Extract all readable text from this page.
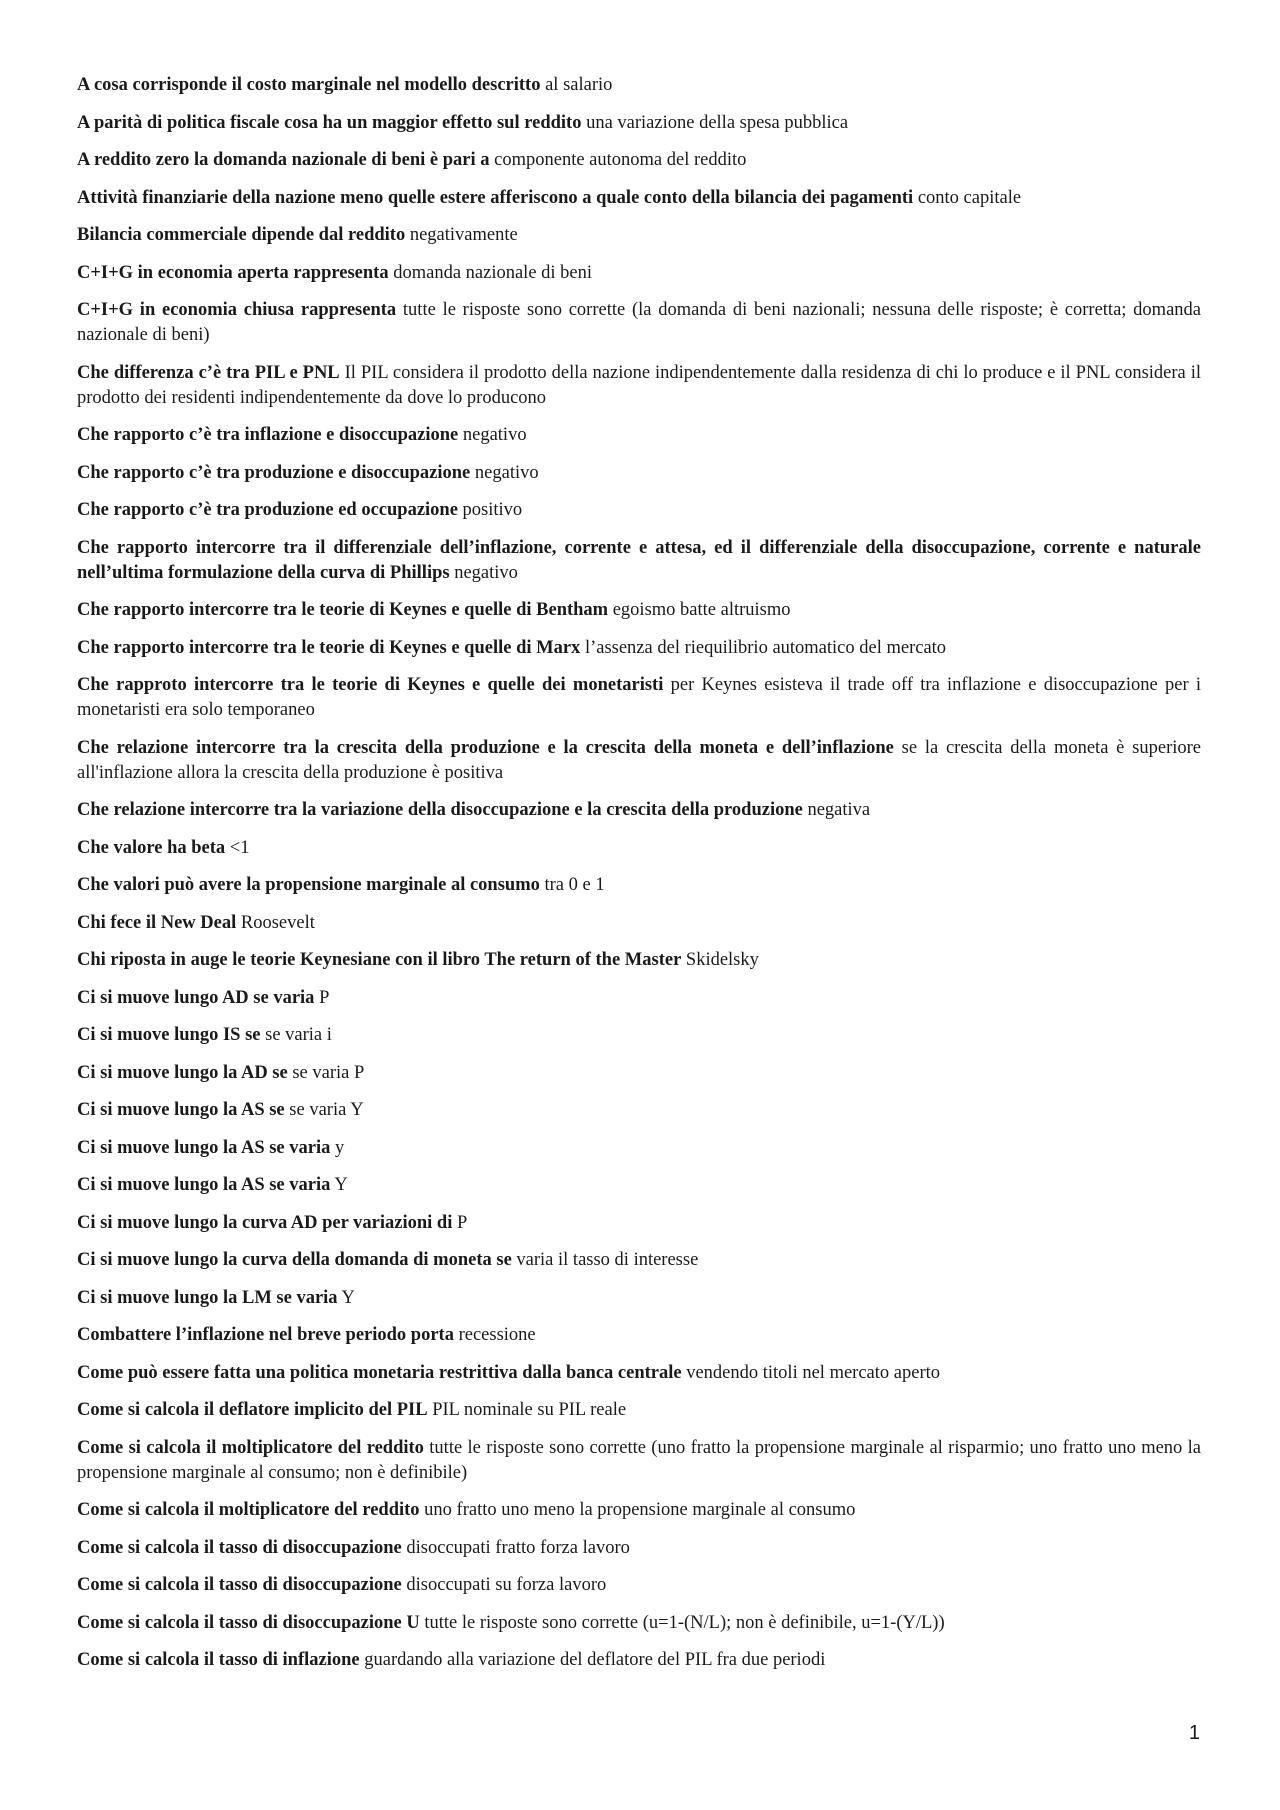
A cosa corrisponde il costo marginale nel modello descritto al salario

A parità di politica fiscale cosa ha un maggior effetto sul reddito una variazione della spesa pubblica

A reddito zero la domanda nazionale di beni è pari a componente autonoma del reddito

Attività finanziarie della nazione meno quelle estere afferiscono a quale conto della bilancia dei pagamenti conto capitale

Bilancia commerciale dipende dal reddito negativamente

C+I+G in economia aperta rappresenta domanda nazionale di beni

C+I+G in economia chiusa rappresenta tutte le risposte sono corrette (la domanda di beni nazionali; nessuna delle risposte; è corretta; domanda nazionale di beni)

Che differenza c’è tra PIL e PNL Il PIL considera il prodotto della nazione indipendentemente dalla residenza di chi lo produce e il PNL considera il prodotto dei residenti indipendentemente da dove lo producono

Che rapporto c’è tra inflazione e disoccupazione negativo

Che rapporto c’è tra produzione e disoccupazione negativo

Che rapporto c’è tra produzione ed occupazione positivo

Che rapporto intercorre tra il differenziale dell’inflazione, corrente e attesa, ed il differenziale della disoccupazione, corrente e naturale nell’ultima formulazione della curva di Phillips negativo

Che rapporto intercorre tra le teorie di Keynes e quelle di Bentham egoismo batte altruismo

Che rapporto intercorre tra le teorie di Keynes e quelle di Marx l’assenza del riequilibrio automatico del mercato

Che rapproto intercorre tra le teorie di Keynes e quelle dei monetaristi per Keynes esisteva il trade off tra inflazione e disoccupazione per i monetaristi era solo temporaneo

Che relazione intercorre tra la crescita della produzione e la crescita della moneta e dell’inflazione se la crescita della moneta è superiore all'inflazione allora la crescita della produzione è positiva

Che relazione intercorre tra la variazione della disoccupazione e la crescita della produzione negativa

Che valore ha beta <1

Che valori può avere la propensione marginale al consumo tra 0 e 1

Chi fece il New Deal Roosevelt

Chi riposta in auge le teorie Keynesiane con il libro The return of the Master Skidelsky

Ci si muove lungo AD se varia P

Ci si muove lungo IS se se varia i

Ci si muove lungo la AD se se varia P

Ci si muove lungo la AS se se varia Y

Ci si muove lungo la AS se varia y

Ci si muove lungo la AS se varia Y

Ci si muove lungo la curva AD per variazioni di P

Ci si muove lungo la curva della domanda di moneta se varia il tasso di interesse

Ci si muove lungo la LM se varia Y

Combattere l’inflazione nel breve periodo porta recessione

Come può essere fatta una politica monetaria restrittiva dalla banca centrale vendendo titoli nel mercato aperto

Come si calcola il deflatore implicito del PIL PIL nominale su PIL reale

Come si calcola il moltiplicatore del reddito tutte le risposte sono corrette (uno fratto la propensione marginale al risparmio; uno fratto uno meno la propensione marginale al consumo; non è definibile)

Come si calcola il moltiplicatore del reddito uno fratto uno meno la propensione marginale al consumo

Come si calcola il tasso di disoccupazione disoccupati fratto forza lavoro

Come si calcola il tasso di disoccupazione disoccupati su forza lavoro

Come si calcola il tasso di disoccupazione U tutte le risposte sono corrette (u=1-(N/L); non è definibile, u=1-(Y/L))

Come si calcola il tasso di inflazione guardando alla variazione del deflatore del PIL fra due periodi

1
